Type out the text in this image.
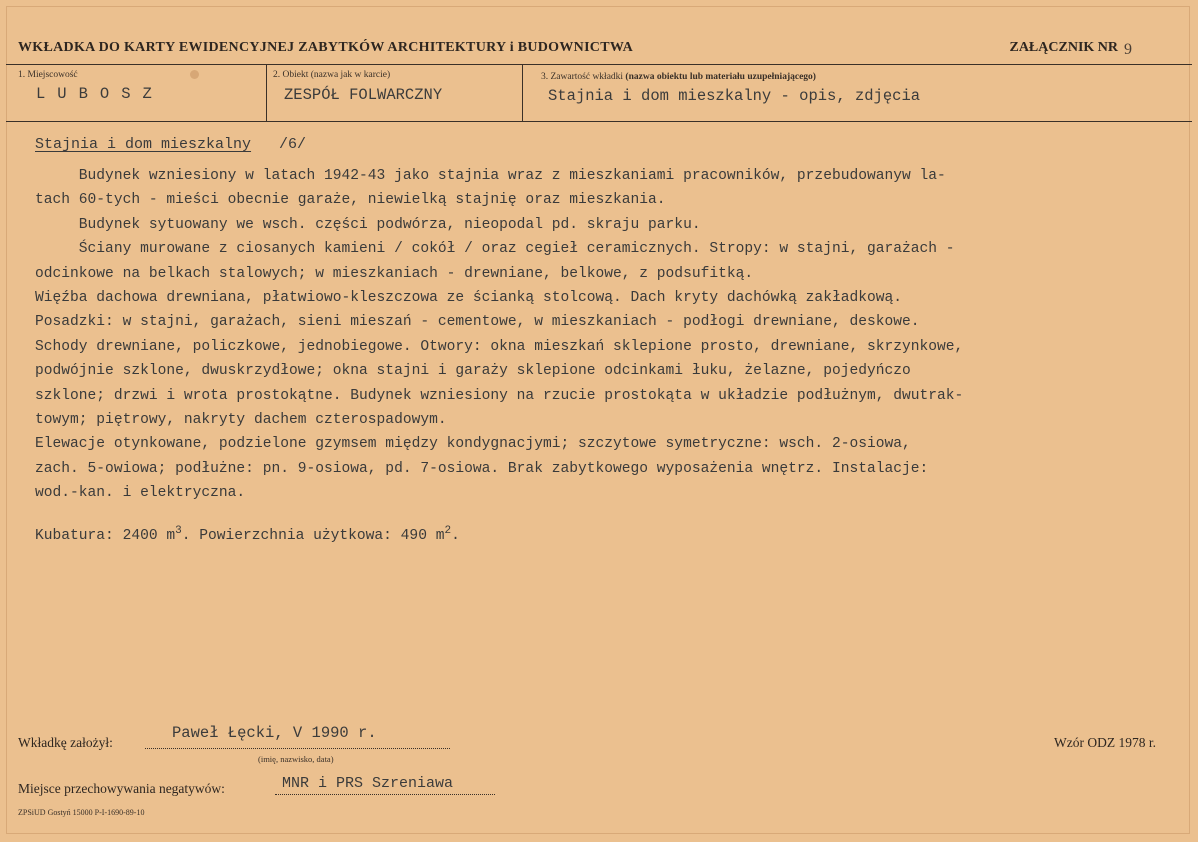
WKŁADKA DO KARTY EWIDENCYJNEJ ZABYTKÓW ARCHITEKTURY i BUDOWNICTWA	ZAŁĄCZNIK NR 9
1. Miejscowość
LUBOSZ
2. Obiekt (nazwa jak w karcie)
ZESPÓŁ FOLWARCZNY
3. Zawartość wkładki (nazwa obiektu lub materiału uzupełniającego)
Stajnia i dom mieszkalny - opis, zdjęcia
Stajnia i dom mieszkalny /6/
Budynek wzniesiony w latach 1942-43 jako stajnia wraz z mieszkaniami pracowników, przebudowanyw la-
tach 60-tych - mieści obecnie garaże, niewielką stajnię oraz mieszkania.
Budynek sytuowany we wsch. części podwórza, nieopodal pd. skraju parku.
Ściany murowane z ciosanych kamieni / cokół / oraz cegieł ceramicznych. Stropy: w stajni, garażach -
odcinkowe na belkach stalowych; w mieszkaniach - drewniane, belkowe, z podsufitką.
Więźba dachowa drewniana, płatwiowo-kleszczowa ze ścianką stolcową. Dach kryty dachówką zakładkową.
Posadzki: w stajni, garażach, sieni mieszań - cementowe, w mieszkaniach - podłogi drewniane, deskowe.
Schody drewniane, policzkowe, jednobiegowe. Otwory: okna mieszkań sklepione prosto, drewniane, skrzynkowe,
podwójnie szklone, dwuskrzydłowe; okna stajni i garaży sklepione odcinkami łuku, żelazne, pojedyńczo
szklone; drzwi i wrota prostokątne. Budynek wzniesiony na rzucie prostokąta w układzie podłużnym, dwutrak-
towym; piętrowy, nakryty dachem czterospadowym.
Elewacje otynkowane, podzielone gzymsem między kondygnacjymi; szczytowe symetryczne: wsch. 2-osiowa,
zach. 5-owiowa; podłużne: pn. 9-osiowa, pd. 7-osiowa. Brak zabytkowego wyposażenia wnętrz. Instalacje:
wod.-kan. i elektryczna.
Kubatura: 2400 $m^3$. Powierzchnia użytkowa: 490 $m^2$.
Wkładkę założył:
Paweł Łęcki, V 1990 r.
(imię, nazwisko, data)
Wzór ODZ 1978 r.
Miejsce przechowywania negatywów:	MNR i PRS Szreniawa
ZPSiUD Gostyń 15000 P-I-1690-89-10
